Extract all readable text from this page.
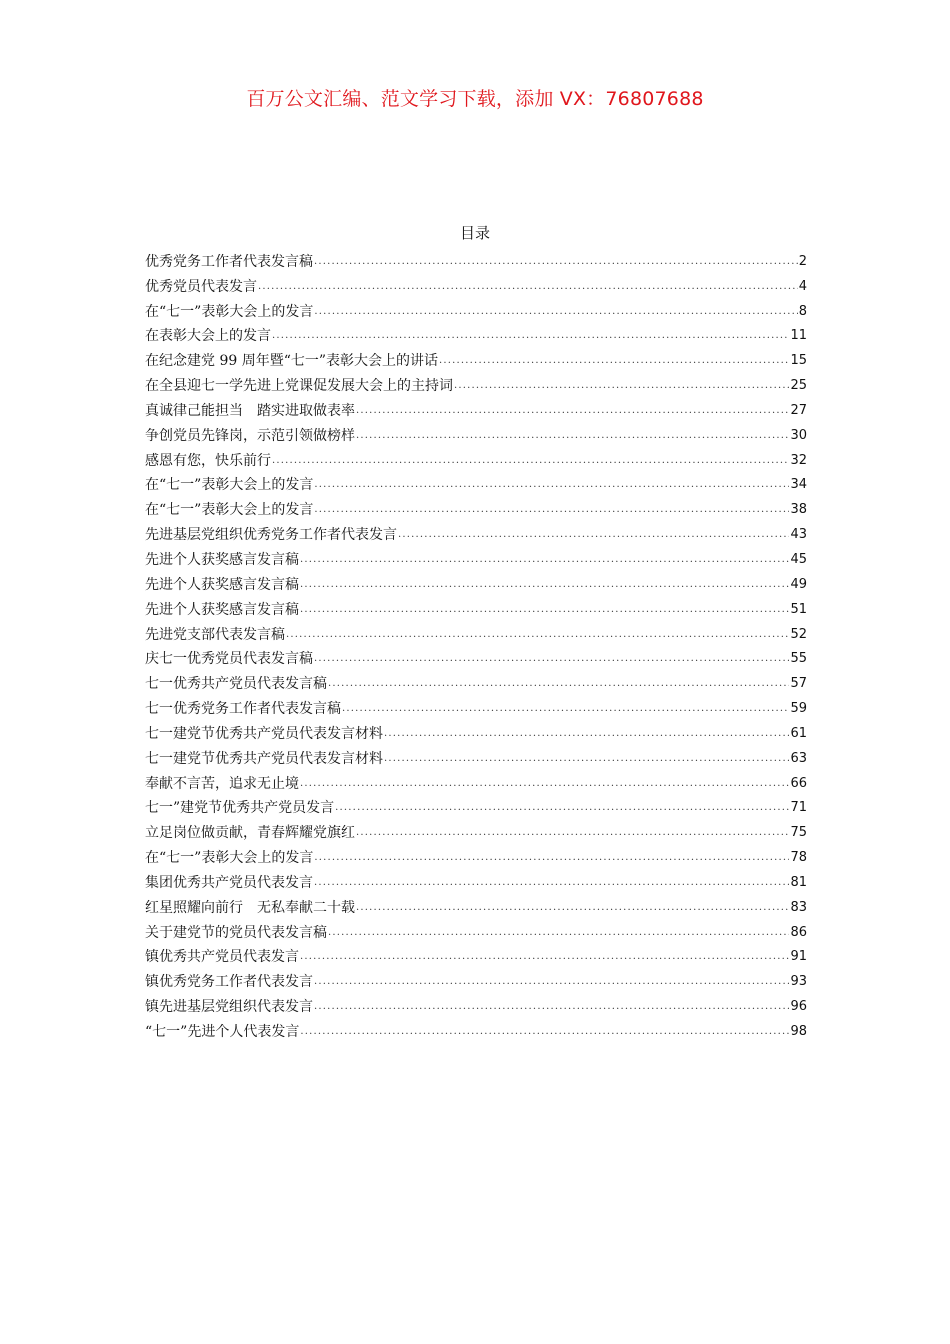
百万公文汇编、范文学习下载，添加 VX：76807688
目录
优秀党务工作者代表发言稿 .....	2
优秀党员代表发言 .....	4
在“七一”表彰大会上的发言 .....	8
在表彰大会上的发言 .....	11
在纪念建党 99 周年暨“七一”表彰大会上的讲话 .....	15
在全县迎七一学先进上党课促发展大会上的主持词 .....	25
真诚律己能担当　踏实进取做表率 .....	27
争创党员先锋岗，示范引领做榜样 .....	30
感恩有您，快乐前行 .....	32
在“七一”表彰大会上的发言 .....	34
在“七一”表彰大会上的发言 .....	38
先进基层党组织优秀党务工作者代表发言 .....	43
先进个人获奖感言发言稿 .....	45
先进个人获奖感言发言稿 .....	49
先进个人获奖感言发言稿 .....	51
先进党支部代表发言稿 .....	52
庆七一优秀党员代表发言稿 .....	55
七一优秀共产党员代表发言稿 .....	57
七一优秀党务工作者代表发言稿 .....	59
七一建党节优秀共产党员代表发言材料 .....	61
七一建党节优秀共产党员代表发言材料 .....	63
奉献不言苦，追求无止境 .....	66
七一”建党节优秀共产党员发言 .....	71
立足岗位做贡献，青春辉耀党旗红 .....	75
在“七一”表彰大会上的发言 .....	78
集团优秀共产党员代表发言 .....	81
红星照耀向前行　无私奉献二十载 .....	83
关于建党节的党员代表发言稿 .....	86
镇优秀共产党员代表发言 .....	91
镇优秀党务工作者代表发言 .....	93
镇先进基层党组织代表发言 .....	96
“七一”先进个人代表发言 .....	98
